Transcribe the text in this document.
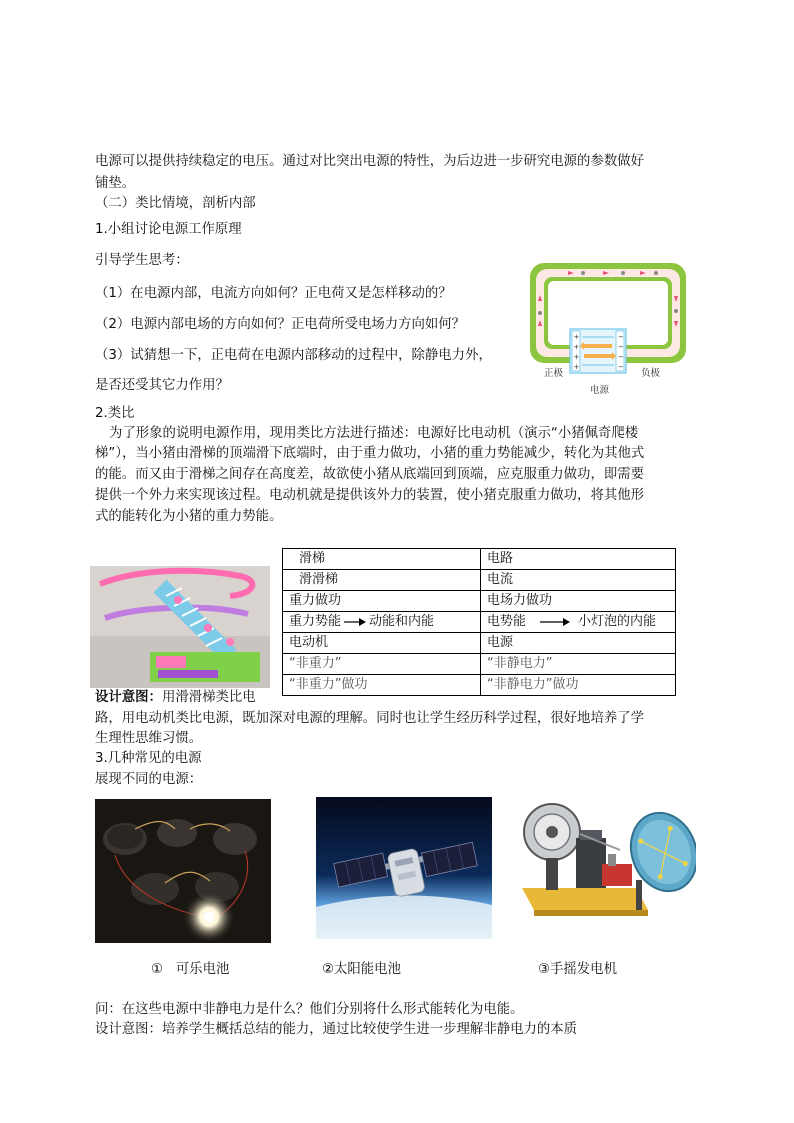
电源可以提供持续稳定的电压。通过对比突出电源的特性，为后边进一步研究电源的参数做好
铺垫。
（二）类比情境，剖析内部
1.小组讨论电源工作原理
引导学生思考：
（1）在电源内部，电流方向如何？正电荷又是怎样移动的？
（2）电源内部电场的方向如何？正电荷所受电场力方向如何？
（3）试猜想一下，正电荷在电源内部移动的过程中，除静电力外，
是否还受其它力作用？
+
+
+
+
−
−
−
−
正极	负极
电源
2.类比
为了形象的说明电源作用，现用类比方法进行描述：电源好比电动机（演示“小猪佩奇爬楼
梯”），当小猪由滑梯的顶端滑下底端时，由于重力做功，小猪的重力势能减少，转化为其他式
的能。而又由于滑梯之间存在高度差，故欲使小猪从底端回到顶端，应克服重力做功，即需要
提供一个外力来实现该过程。电动机就是提供该外力的装置，使小猪克服重力做功，将其他形
式的能转化为小猪的重力势能。
滑梯	电路
滑滑梯	电流
重力做功	电场力做功
重力势能 动能和内能	电势能 小灯泡的内能
电动机	电源
“非重力”	“非静电力”
“非重力”做功	“非静电力”做功
设计意图：用滑滑梯类比电
路，用电动机类比电源，既加深对电源的理解。同时也让学生经历科学过程，很好地培养了学
生理性思维习惯。
3.几种常见的电源
展现不同的电源：
① 可乐电池	②太阳能电池	③手摇发电机
问：在这些电源中非静电力是什么？他们分别将什么形式能转化为电能。
设计意图：培养学生概括总结的能力，通过比较使学生进一步理解非静电力的本质
